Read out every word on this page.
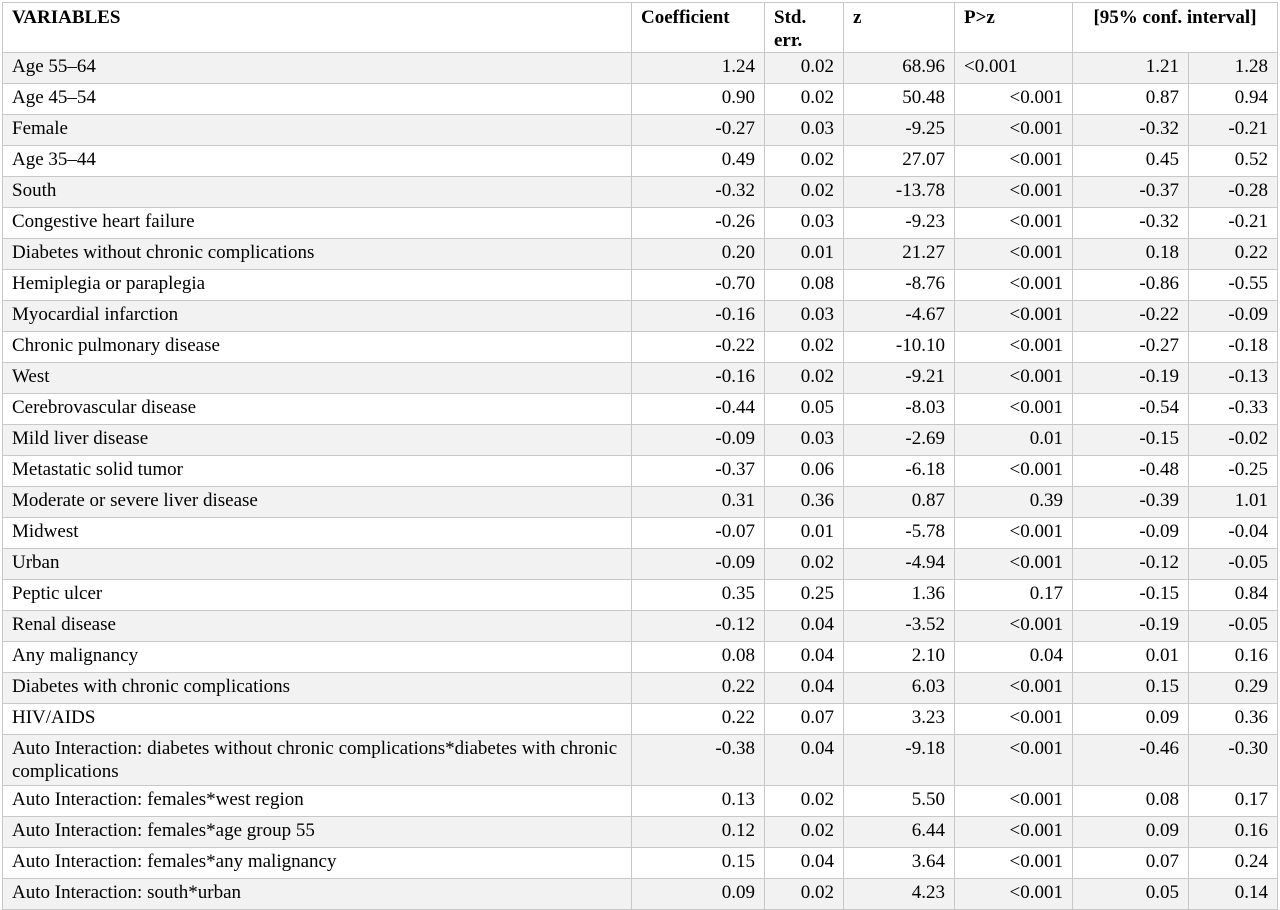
VARIABLES	Coefficient	Std. err.	z	P>z	[95% conf. interval]	
Age 55–64	1.24	0.02	68.96	<0.001	1.21	1.28
Age 45–54	0.90	0.02	50.48	<0.001	0.87	0.94
Female	-0.27	0.03	-9.25	<0.001	-0.32	-0.21
Age 35–44	0.49	0.02	27.07	<0.001	0.45	0.52
South	-0.32	0.02	-13.78	<0.001	-0.37	-0.28
Congestive heart failure	-0.26	0.03	-9.23	<0.001	-0.32	-0.21
Diabetes without chronic complications	0.20	0.01	21.27	<0.001	0.18	0.22
Hemiplegia or paraplegia	-0.70	0.08	-8.76	<0.001	-0.86	-0.55
Myocardial infarction	-0.16	0.03	-4.67	<0.001	-0.22	-0.09
Chronic pulmonary disease	-0.22	0.02	-10.10	<0.001	-0.27	-0.18
West	-0.16	0.02	-9.21	<0.001	-0.19	-0.13
Cerebrovascular disease	-0.44	0.05	-8.03	<0.001	-0.54	-0.33
Mild liver disease	-0.09	0.03	-2.69	0.01	-0.15	-0.02
Metastatic solid tumor	-0.37	0.06	-6.18	<0.001	-0.48	-0.25
Moderate or severe liver disease	0.31	0.36	0.87	0.39	-0.39	1.01
Midwest	-0.07	0.01	-5.78	<0.001	-0.09	-0.04
Urban	-0.09	0.02	-4.94	<0.001	-0.12	-0.05
Peptic ulcer	0.35	0.25	1.36	0.17	-0.15	0.84
Renal disease	-0.12	0.04	-3.52	<0.001	-0.19	-0.05
Any malignancy	0.08	0.04	2.10	0.04	0.01	0.16
Diabetes with chronic complications	0.22	0.04	6.03	<0.001	0.15	0.29
HIV/AIDS	0.22	0.07	3.23	<0.001	0.09	0.36
Auto Interaction: diabetes without chronic complications*diabetes with chronic complications	-0.38	0.04	-9.18	<0.001	-0.46	-0.30
Auto Interaction: females*west region	0.13	0.02	5.50	<0.001	0.08	0.17
Auto Interaction: females*age group 55	0.12	0.02	6.44	<0.001	0.09	0.16
Auto Interaction: females*any malignancy	0.15	0.04	3.64	<0.001	0.07	0.24
Auto Interaction: south*urban	0.09	0.02	4.23	<0.001	0.05	0.14
